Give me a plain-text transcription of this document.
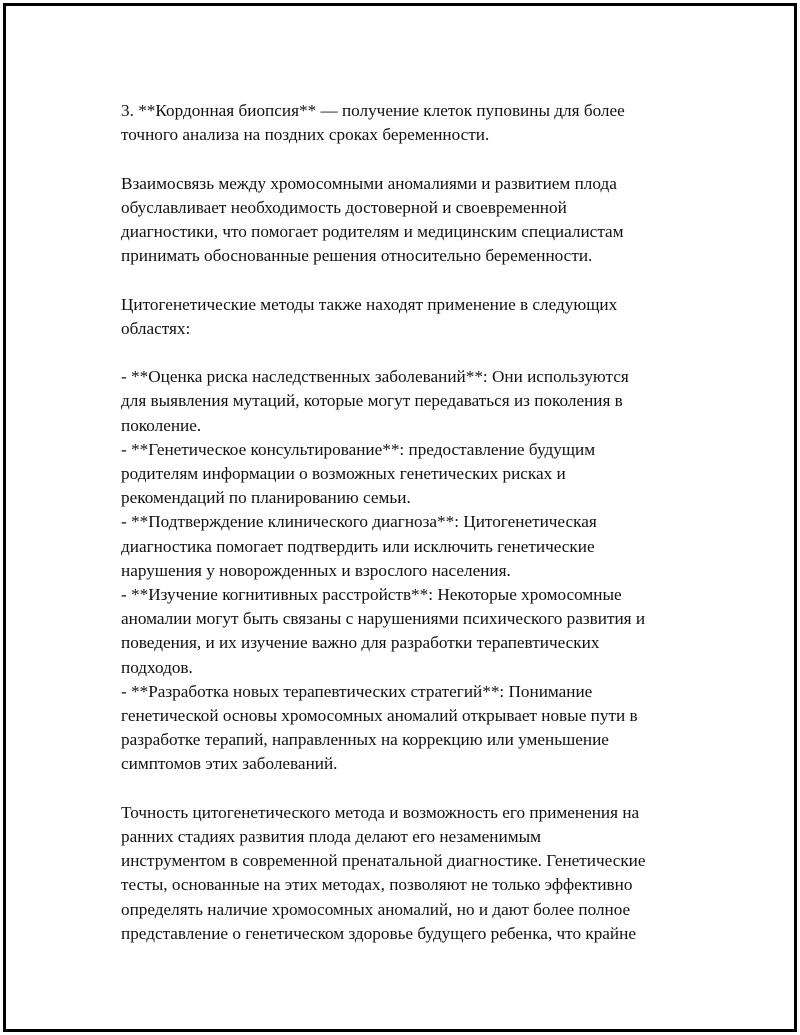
3. **Кордонная биопсия** — получение клеток пуповины для более
точного анализа на поздних сроках беременности.

Взаимосвязь между хромосомными аномалиями и развитием плода
обуславливает необходимость достоверной и своевременной
диагностики, что помогает родителям и медицинским специалистам
принимать обоснованные решения относительно беременности.

Цитогенетические методы также находят применение в следующих
областях:

- **Оценка риска наследственных заболеваний**: Они используются
для выявления мутаций, которые могут передаваться из поколения в
поколение.
- **Генетическое консультирование**: предоставление будущим
родителям информации о возможных генетических рисках и
рекомендаций по планированию семьи.
- **Подтверждение клинического диагноза**: Цитогенетическая
диагностика помогает подтвердить или исключить генетические
нарушения у новорожденных и взрослого населения.
- **Изучение когнитивных расстройств**: Некоторые хромосомные
аномалии могут быть связаны с нарушениями психического развития и
поведения, и их изучение важно для разработки терапевтических
подходов.
- **Разработка новых терапевтических стратегий**: Понимание
генетической основы хромосомных аномалий открывает новые пути в
разработке терапий, направленных на коррекцию или уменьшение
симптомов этих заболеваний.

Точность цитогенетического метода и возможность его применения на
ранних стадиях развития плода делают его незаменимым
инструментом в современной пренатальной диагностике. Генетические
тесты, основанные на этих методах, позволяют не только эффективно
определять наличие хромосомных аномалий, но и дают более полное
представление о генетическом здоровье будущего ребенка, что крайне
